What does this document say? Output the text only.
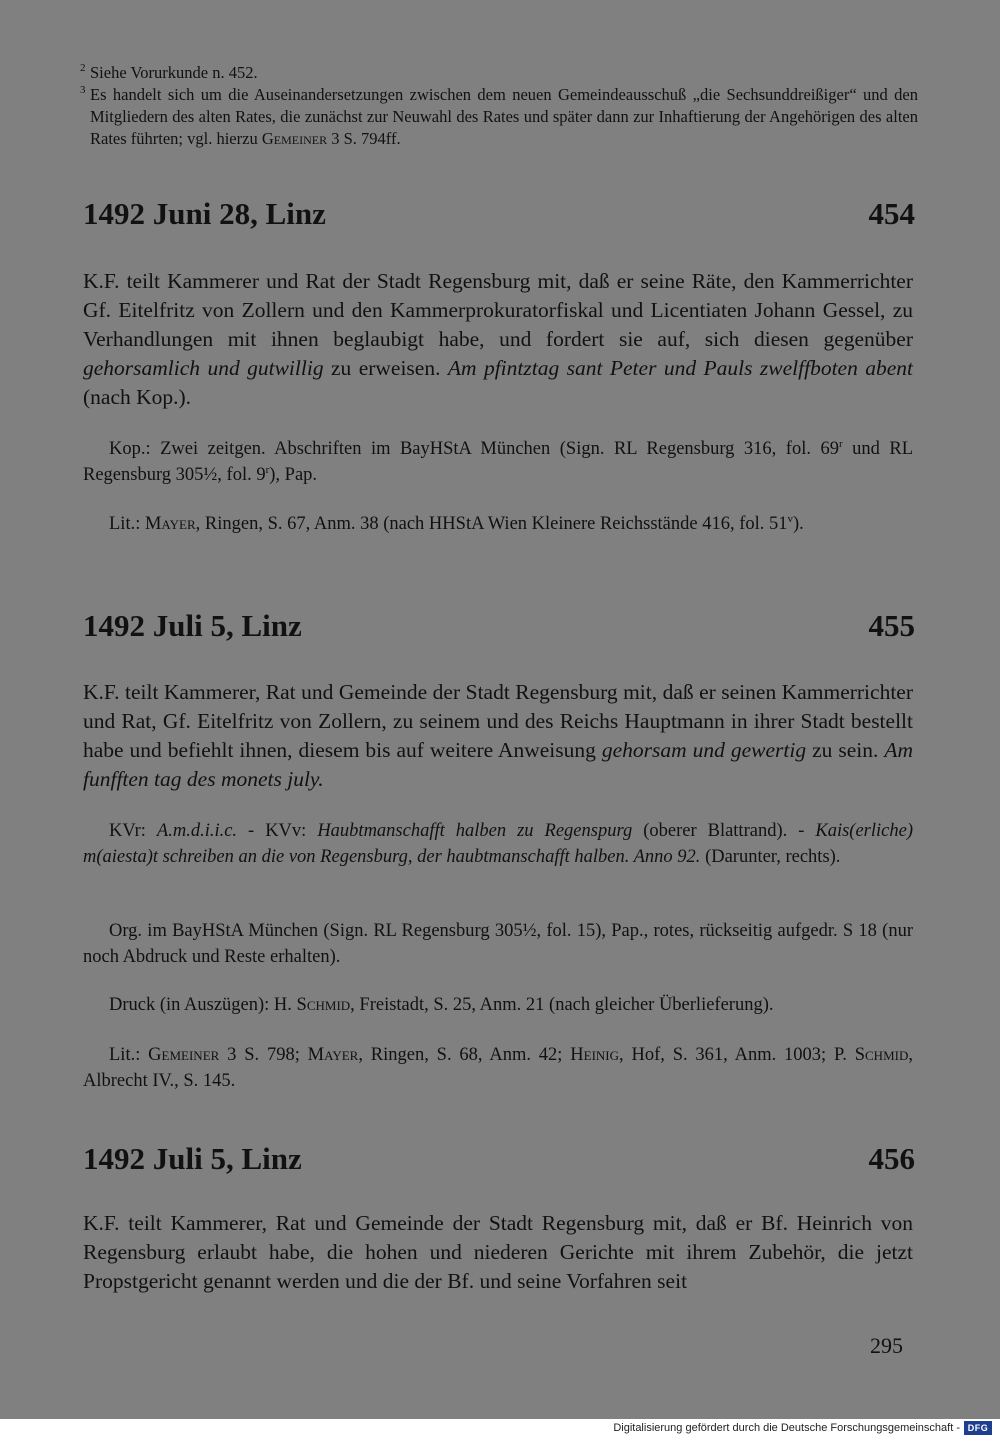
2 Siehe Vorurkunde n. 452.
3 Es handelt sich um die Auseinandersetzungen zwischen dem neuen Gemeindeausschuß „die Sechsunddreißiger“ und den Mitgliedern des alten Rates, die zunächst zur Neuwahl des Rates und später dann zur Inhaftierung der Angehörigen des alten Rates führten; vgl. hierzu Gemeiner 3 S. 794ff.
1492 Juni 28, Linz	454
K.F. teilt Kammerer und Rat der Stadt Regensburg mit, daß er seine Räte, den Kammerrichter Gf. Eitelfritz von Zollern und den Kammerprokuratorfiskal und Licentiaten Johann Gessel, zu Verhandlungen mit ihnen beglaubigt habe, und fordert sie auf, sich diesen gegenüber gehorsamlich und gutwillig zu erweisen. Am pfintztag sant Peter und Pauls zwelffboten abent (nach Kop.).
Kop.: Zwei zeitgen. Abschriften im BayHStA München (Sign. RL Regensburg 316, fol. 69$^r$ und RL Regensburg 305½, fol. 9$^r$), Pap.
Lit.: Mayer, Ringen, S. 67, Anm. 38 (nach HHStA Wien Kleinere Reichsstände 416, fol. 51$^v$).
1492 Juli 5, Linz	455
K.F. teilt Kammerer, Rat und Gemeinde der Stadt Regensburg mit, daß er seinen Kammerrichter und Rat, Gf. Eitelfritz von Zollern, zu seinem und des Reichs Hauptmann in ihrer Stadt bestellt habe und befiehlt ihnen, diesem bis auf weitere Anweisung gehorsam und gewertig zu sein. Am funfften tag des monets july.
KVr: A.m.d.i.i.c. - KVv: Haubtmanschafft halben zu Regenspurg (oberer Blattrand). - Kais(erliche) m(aiesta)t schreiben an die von Regensburg, der haubtmanschafft halben. Anno 92. (Darunter, rechts).
Org. im BayHStA München (Sign. RL Regensburg 305½, fol. 15), Pap., rotes, rückseitig aufgedr. S 18 (nur noch Abdruck und Reste erhalten).
Druck (in Auszügen): H. Schmid, Freistadt, S. 25, Anm. 21 (nach gleicher Überlieferung).
Lit.: Gemeiner 3 S. 798; Mayer, Ringen, S. 68, Anm. 42; Heinig, Hof, S. 361, Anm. 1003; P. Schmid, Albrecht IV., S. 145.
1492 Juli 5, Linz	456
K.F. teilt Kammerer, Rat und Gemeinde der Stadt Regensburg mit, daß er Bf. Heinrich von Regensburg erlaubt habe, die hohen und niederen Gerichte mit ihrem Zubehör, die jetzt Propstgericht genannt werden und die der Bf. und seine Vorfahren seit
295
Digitalisierung gefördert durch die Deutsche Forschungsgemeinschaft - DFG
